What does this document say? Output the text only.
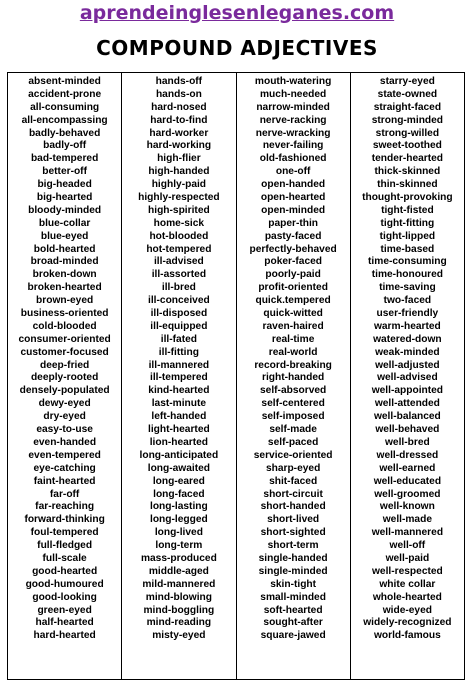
aprendeinglesenleganes.com
COMPOUND ADJECTIVES
absent-minded
accident-prone
all-consuming
all-encompassing
badly-behaved
badly-off
bad-tempered
better-off
big-headed
big-hearted
bloody-minded
blue-collar
blue-eyed
bold-hearted
broad-minded
broken-down
broken-hearted
brown-eyed
business-oriented
cold-blooded
consumer-oriented
customer-focused
deep-fried
deeply-rooted
densely-populated
dewy-eyed
dry-eyed
easy-to-use
even-handed
even-tempered
eye-catching
faint-hearted
far-off
far-reaching
forward-thinking
foul-tempered
full-fledged
full-scale
good-hearted
good-humoured
good-looking
green-eyed
half-hearted
hard-hearted
hands-off
hands-on
hard-nosed
hard-to-find
hard-worker
hard-working
high-flier
high-handed
highly-paid
highly-respected
high-spirited
home-sick
hot-blooded
hot-tempered
ill-advised
ill-assorted
ill-bred
ill-conceived
ill-disposed
ill-equipped
ill-fated
ill-fitting
ill-mannered
ill-tempered
kind-hearted
last-minute
left-handed
light-hearted
lion-hearted
long-anticipated
long-awaited
long-eared
long-faced
long-lasting
long-legged
long-lived
long-term
mass-produced
middle-aged
mild-mannered
mind-blowing
mind-boggling
mind-reading
misty-eyed
mouth-watering
much-needed
narrow-minded
nerve-racking
nerve-wracking
never-failing
old-fashioned
one-off
open-handed
open-hearted
open-minded
paper-thin
pasty-faced
perfectly-behaved
poker-faced
poorly-paid
profit-oriented
quick.tempered
quick-witted
raven-haired
real-time
real-world
record-breaking
right-handed
self-absorved
self-centered
self-imposed
self-made
self-paced
service-oriented
sharp-eyed
shit-faced
short-circuit
short-handed
short-lived
short-sighted
short-term
single-handed
single-minded
skin-tight
small-minded
soft-hearted
sought-after
square-jawed
starry-eyed
state-owned
straight-faced
strong-minded
strong-willed
sweet-toothed
tender-hearted
thick-skinned
thin-skinned
thought-provoking
tight-fisted
tight-fitting
tight-lipped
time-based
time-consuming
time-honoured
time-saving
two-faced
user-friendly
warm-hearted
watered-down
weak-minded
well-adjusted
well-advised
well-appointed
well-attended
well-balanced
well-behaved
well-bred
well-dressed
well-earned
well-educated
well-groomed
well-known
well-made
well-mannered
well-off
well-paid
well-respected
white collar
whole-hearted
wide-eyed
widely-recognized
world-famous
